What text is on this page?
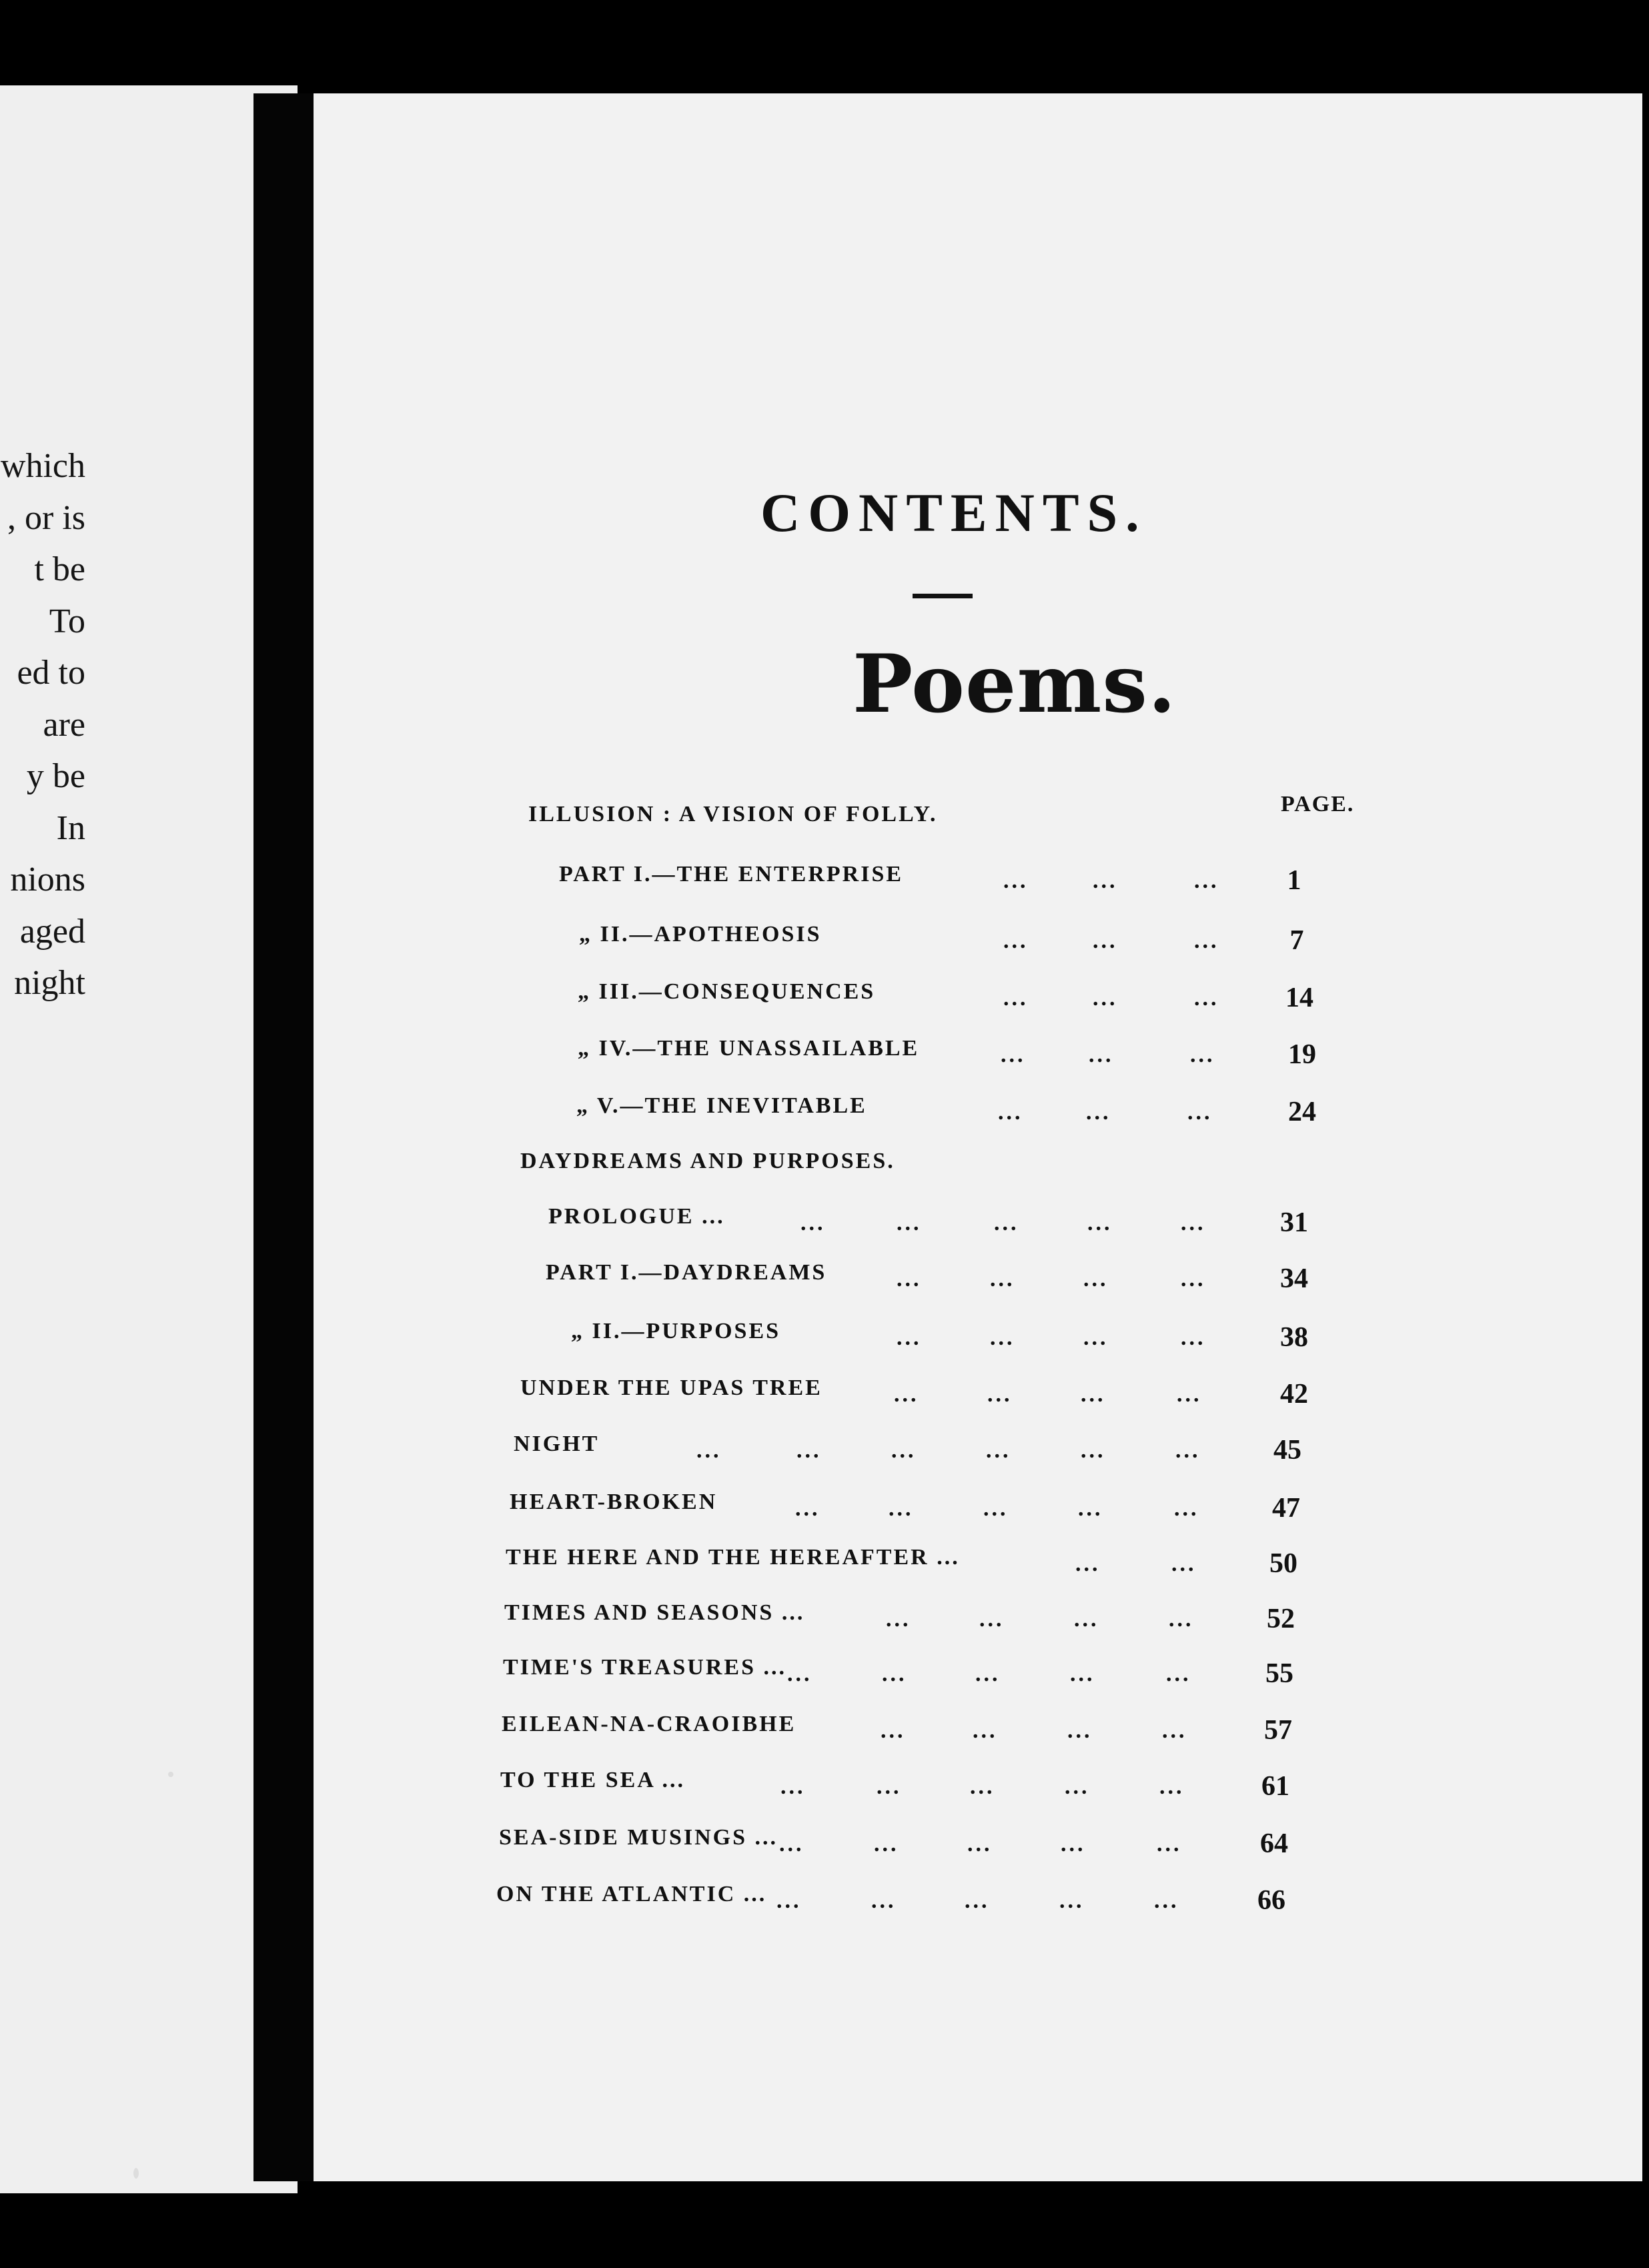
which
, or is
t be
To
ed to
are
y be
In
nions
aged
night
CONTENTS.
Poems.
PAGE.
ILLUSION : A VISION OF FOLLY.
PART I.—THE ENTERPRISE	...	...	...	1
„ II.—APOTHEOSIS	...	...	...	7
„ III.—CONSEQUENCES	...	...	...	14
„ IV.—THE UNASSAILABLE	...	...	...	19
„ V.—THE INEVITABLE	...	...	...	24
DAYDREAMS AND PURPOSES.
PROLOGUE ...	...	...	...	...	...	31
PART I.—DAYDREAMS	...	...	...	...	34
„ II.—PURPOSES	...	...	...	...	38
UNDER THE UPAS TREE	...	...	...	...	42
NIGHT	...	...	...	...	...	...	45
HEART-BROKEN	...	...	...	...	...	47
THE HERE AND THE HEREAFTER ...	...	...	50
TIMES AND SEASONS ...	...	...	...	...	52
TIME'S TREASURES ... ...	...	...	...	...	55
EILEAN-NA-CRAOIBHE	...	...	...	...	57
TO THE SEA ...	...	...	...	...	...	61
SEA-SIDE MUSINGS ... ...	...	...	...	...	64
ON THE ATLANTIC ... ...	...	...	...	...	66
